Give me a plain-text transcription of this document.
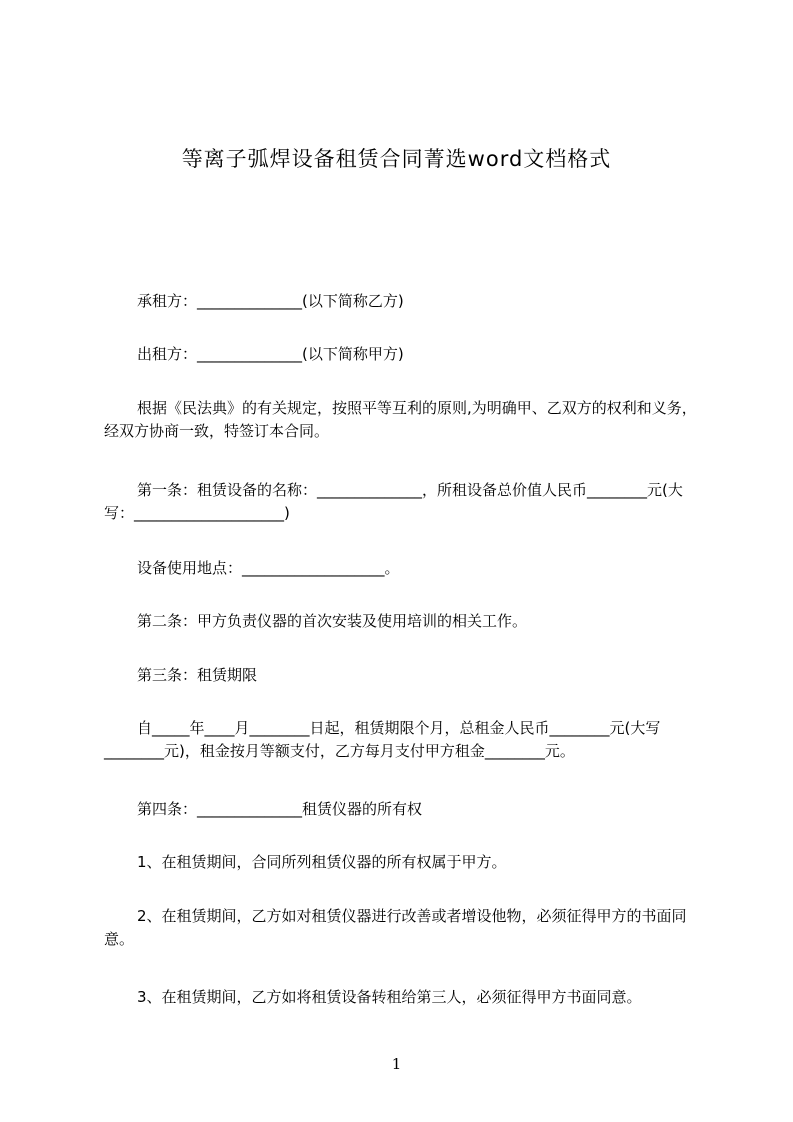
等离子弧焊设备租赁合同菁选word文档格式
承租方：______________(以下简称乙方)
出租方：______________(以下简称甲方)
根据《民法典》的有关规定，按照平等互利的原则,为明确甲、乙双方的权利和义务，经双方协商一致，特签订本合同。
第一条：租赁设备的名称：______________，所租设备总价值人民币________元(大写：____________________)
设备使用地点：___________________。
第二条：甲方负责仪器的首次安装及使用培训的相关工作。
第三条：租赁期限
自_____年____月________日起，租赁期限个月，总租金人民币________元(大写________元)，租金按月等额支付，乙方每月支付甲方租金________元。
第四条：______________租赁仪器的所有权
1、在租赁期间，合同所列租赁仪器的所有权属于甲方。
2、在租赁期间，乙方如对租赁仪器进行改善或者增设他物，必须征得甲方的书面同意。
3、在租赁期间，乙方如将租赁设备转租给第三人，必须征得甲方书面同意。
1
